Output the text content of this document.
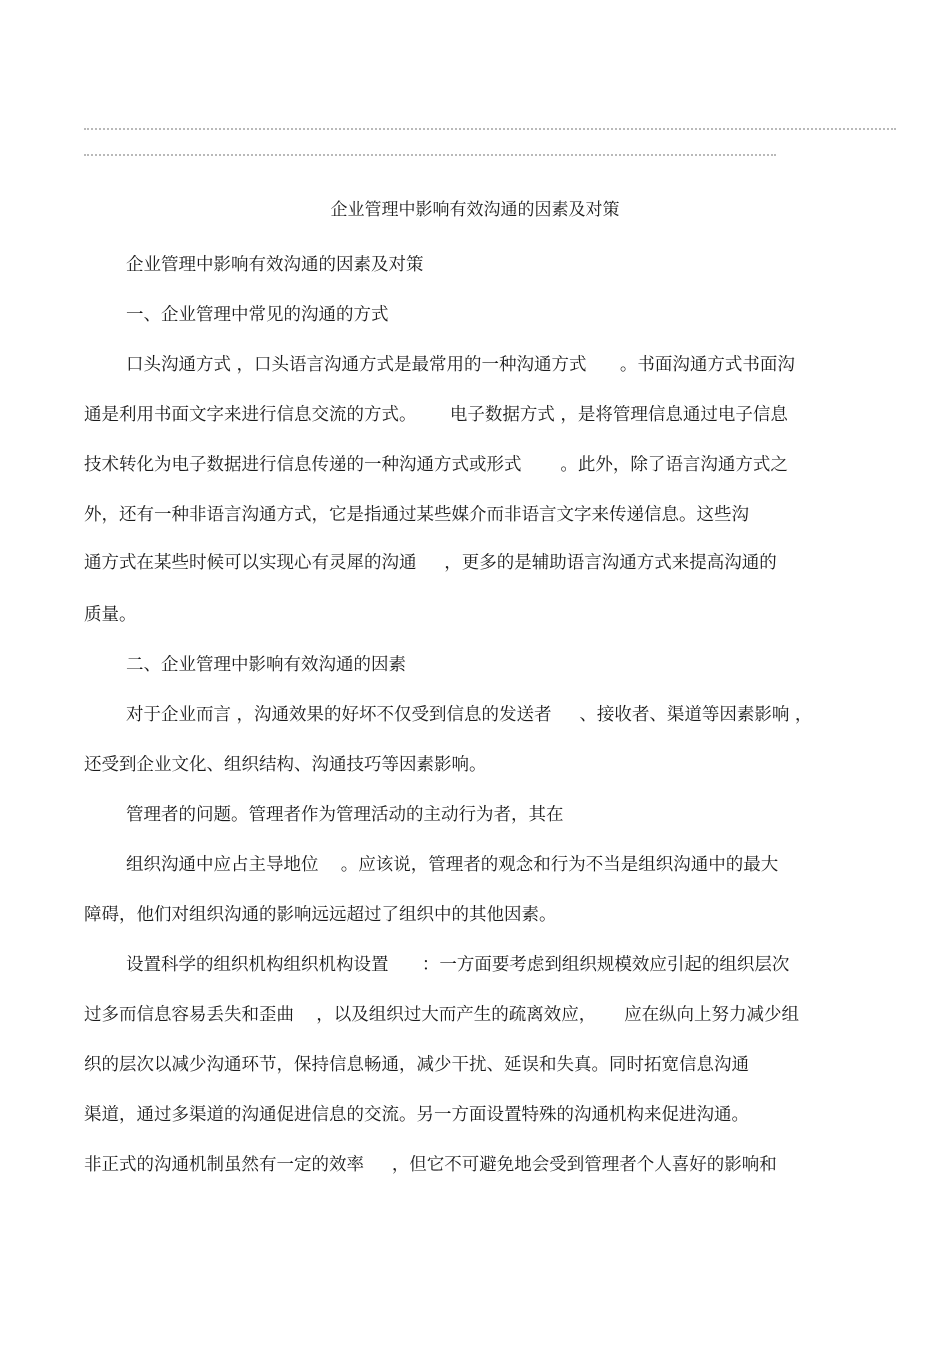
企业管理中影响有效沟通的因素及对策

企业管理中影响有效沟通的因素及对策

一、企业管理中常见的沟通的方式

口头沟通方式 ，口头语言沟通方式是最常用的一种沟通方式      。书面沟通方式书面沟

通是利用书面文字来进行信息交流的方式。      电子数据方式 ，是将管理信息通过电子信息

技术转化为电子数据进行信息传递的一种沟通方式或形式       。此外，除了语言沟通方式之

外，还有一种非语言沟通方式，它是指通过某些媒介而非语言文字来传递信息。这些沟

通方式在某些时候可以实现心有灵犀的沟通     ，更多的是辅助语言沟通方式来提高沟通的

质量。

二、企业管理中影响有效沟通的因素

对于企业而言 ，沟通效果的好坏不仅受到信息的发送者     、接收者、渠道等因素影响 ，

还受到企业文化、组织结构、沟通技巧等因素影响。

管理者的问题。管理者作为管理活动的主动行为者，其在

组织沟通中应占主导地位    。应该说，管理者的观念和行为不当是组织沟通中的最大

障碍，他们对组织沟通的影响远远超过了组织中的其他因素。

设置科学的组织机构组织机构设置      ：一方面要考虑到组织规模效应引起的组织层次

过多而信息容易丢失和歪曲    ，以及组织过大而产生的疏离效应，     应在纵向上努力减少组

织的层次以减少沟通环节，保持信息畅通，减少干扰、延误和失真。同时拓宽信息沟通

渠道，通过多渠道的沟通促进信息的交流。另一方面设置特殊的沟通机构来促进沟通。

非正式的沟通机制虽然有一定的效率     ，但它不可避免地会受到管理者个人喜好的影响和
